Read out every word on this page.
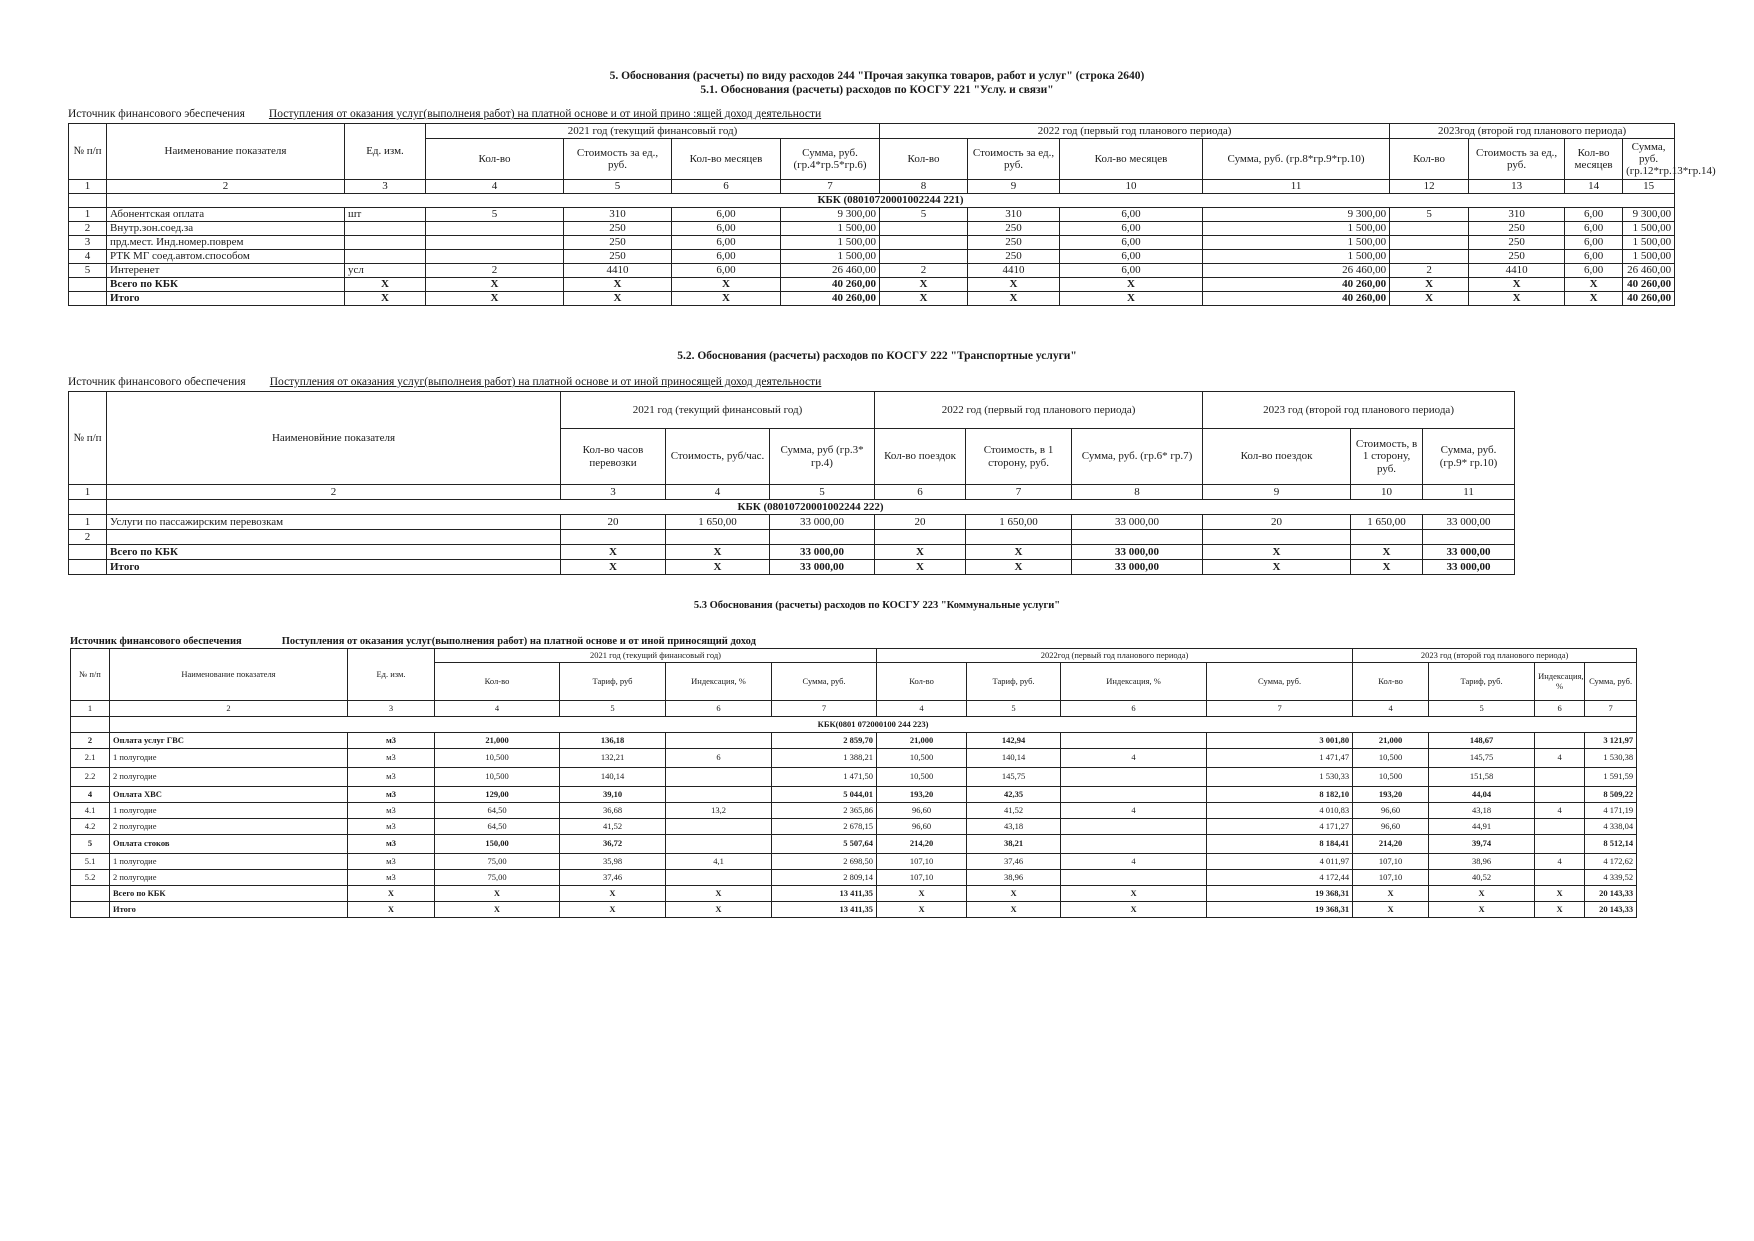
5. Обоснования (расчеты) по виду расходов 244 "Прочая закупка товаров, работ и услуг" (строка 2640)
5.1. Обоснования (расчеты) расходов по КОСГУ 221 "Услу. и связи"
Источник финансового эбеспечения Поступления от оказания услуг(выполнеия работ) на платной основе и от иной прино :ящей доход деятельности
№ п/п	Наименование показателя	Ед. изм.	2021 год (текущий финансовый год)				2022 год (первый год планового периода)				2023год (второй год планового периода)			
			Кол-во	Стоимость за ед., руб.	Кол-во месяцев	Сумма, руб. (гр.4*гр.5*гр.6)	Кол-во	Стоимость за ед., руб.	Кол-во месяцев	Сумма, руб. (гр.8*гр.9*гр.10)	Кол-во	Стоимость за ед., руб.	Кол-во месяцев	Сумма, руб. (гр.12*гр.13*гр.14)
1	2	3	4	5	6	7	8	9	10	11	12	13	14	15
	КБК (08010720001002244 221)													
1	Абонентская оплата	шт	5	310	6,00	9 300,00	5	310	6,00	9 300,00	5	310	6,00	9 300,00
2	Внутр.зон.соед.за			250	6,00	1 500,00		250	6,00	1 500,00		250	6,00	1 500,00
3	прд.мест. Инд.номер.поврем			250	6,00	1 500,00		250	6,00	1 500,00		250	6,00	1 500,00
4	РТК МГ соед.автом.способом			250	6,00	1 500,00		250	6,00	1 500,00		250	6,00	1 500,00
5	Интеренет	усл	2	4410	6,00	26 460,00	2	4410	6,00	26 460,00	2	4410	6,00	26 460,00
	Всего по КБК	X	X	X	X	40 260,00	X	X	X	40 260,00	X	X	X	40 260,00
	Итого	X	X	X	X	40 260,00	X	X	X	40 260,00	X	X	X	40 260,00
5.2. Обоснования (расчеты) расходов по КОСГУ 222 "Транспортные услуги"
Источник финансового обеспечения Поступления от оказания услуг(выполнеия работ) на платной основе и от иной приносящей доход деятельности
№ п/п	Наименовйние показателя	2021 год (текущий финансовый год)			2022 год (первый год планового периода)			2023 год (второй год планового периода)		
		Кол-во часов перевозки	Стоимость, руб/час.	Сумма, руб (гр.3* гр.4)	Кол-во поездок	Стоимость, в 1 сторону, руб.	Сумма, руб. (гр.6* гр.7)	Кол-во поездок	Стоимость, в 1 сторону, руб.	Сумма, руб. (гр.9* гр.10)
1	2	3	4	5	6	7	8	9	10	11
	КБК (08010720001002244 222)									
1	Услуги по пассажирским перевозкам	20	1 650,00	33 000,00	20	1 650,00	33 000,00	20	1 650,00	33 000,00
2										
	Всего по КБК	X	X	33 000,00	X	X	33 000,00	X	X	33 000,00
	Итого	X	X	33 000,00	X	X	33 000,00	X	X	33 000,00
5.3 Обоснования (расчеты) расходов по КОСГУ 223 "Коммунальные услуги"
Источник финансового обеспечения	Поступления от оказания услуг(выполнения работ) на платной основе и от иной приносящий доход
№ п/п	Наименование показателя	Ед. изм.	2021 год (текущий финансовый год)				2022год (первый год планового периода)				2023 год (второй год планового периода)			
			Кол-во	Тариф, руб	Индексация, %	Сумма, руб.	Кол-во	Тариф, руб.	Индексация, %	Сумма, руб.	Кол-во	Тариф, руб.	Индексация, %	Сумма, руб.
1	2	3	4	5	6	7	4	5	6	7	4	5	6	7
	КБК(0801 072000100 244 223)													
2	Оплата услуг ГВС	м3	21,000	136,18		2 859,70	21,000	142,94		3 001,80	21,000	148,67		3 121,97
2.1	1 полугодие	м3	10,500	132,21	6	1 388,21	10,500	140,14	4	1 471,47	10,500	145,75	4	1 530,38
2.2	2 полугодие	м3	10,500	140,14		1 471,50	10,500	145,75		1 530,33	10,500	151,58		1 591,59
4	Оплата ХВС	м3	129,00	39,10		5 044,01	193,20	42,35		8 182,10	193,20	44,04		8 509,22
4.1	1 полугодие	м3	64,50	36,68	13,2	2 365,86	96,60	41,52	4	4 010,83	96,60	43,18	4	4 171,19
4.2	2 полугодие	м3	64,50	41,52		2 678,15	96,60	43,18		4 171,27	96,60	44,91		4 338,04
5	Оплата стоков	м3	150,00	36,72		5 507,64	214,20	38,21		8 184,41	214,20	39,74		8 512,14
5.1	1 полугодие	м3	75,00	35,98	4,1	2 698,50	107,10	37,46	4	4 011,97	107,10	38,96	4	4 172,62
5.2	2 полугодие	м3	75,00	37,46		2 809,14	107,10	38,96		4 172,44	107,10	40,52		4 339,52
	Всего по КБК	X	X	X	X	13 411,35	X	X	X	19 368,31	X	X	X	20 143,33
	Итого	X	X	X	X	13 411,35	X	X	X	19 368,31	X	X	X	20 143,33
